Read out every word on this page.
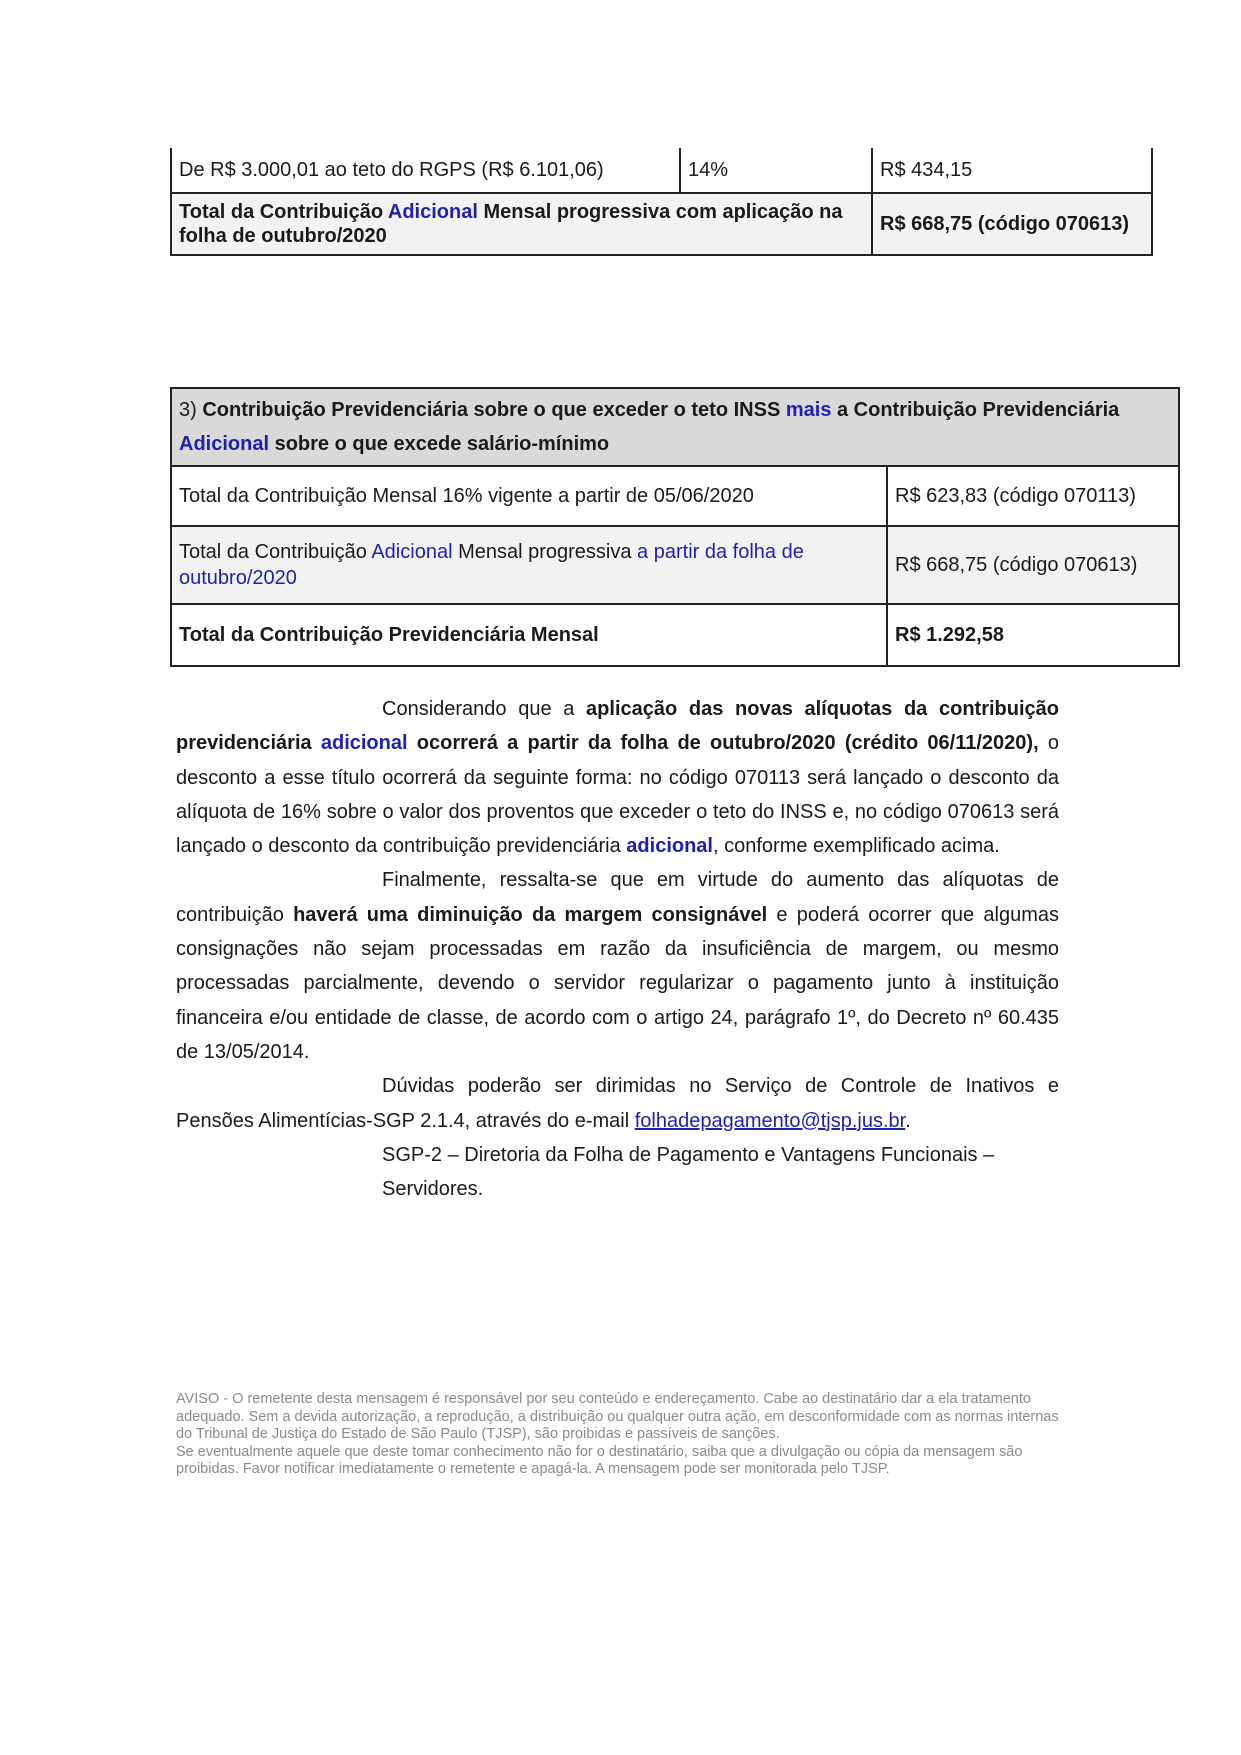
De R$ 3.000,01 ao teto do RGPS (R$ 6.101,06)	14%	R$ 434,15
Total da Contribuição Adicional Mensal progressiva com aplicação na folha de outubro/2020		R$ 668,75 (código 070613)
3) Contribuição Previdenciária sobre o que exceder o teto INSS mais a Contribuição Previdenciária Adicional sobre o que excede salário-mínimo	
Total da Contribuição Mensal 16% vigente a partir de 05/06/2020	R$ 623,83 (código 070113)
Total da Contribuição Adicional Mensal progressiva a partir da folha de outubro/2020	R$ 668,75 (código 070613)
Total da Contribuição Previdenciária Mensal	R$ 1.292,58

Considerando que a aplicação das novas alíquotas da contribuição previdenciária adicional ocorrerá a partir da folha de outubro/2020 (crédito 06/11/2020), o desconto a esse título ocorrerá da seguinte forma: no código 070113 será lançado o desconto da alíquota de 16% sobre o valor dos proventos que exceder o teto do INSS e, no código 070613 será lançado o desconto da contribuição previdenciária adicional, conforme exemplificado acima.

Finalmente, ressalta-se que em virtude do aumento das alíquotas de contribuição haverá uma diminuição da margem consignável e poderá ocorrer que algumas consignações não sejam processadas em razão da insuficiência de margem, ou mesmo processadas parcialmente, devendo o servidor regularizar o pagamento junto à instituição financeira e/ou entidade de classe, de acordo com o artigo 24, parágrafo 1º, do Decreto nº 60.435 de 13/05/2014.

Dúvidas poderão ser dirimidas no Serviço de Controle de Inativos e Pensões Alimentícias-SGP 2.1.4, através do e-mail folhadepagamento@tjsp.jus.br.

SGP-2 – Diretoria da Folha de Pagamento e Vantagens Funcionais – Servidores.

AVISO - O remetente desta mensagem é responsável por seu conteúdo e endereçamento. Cabe ao destinatário dar a ela tratamento adequado. Sem a devida autorização, a reprodução, a distribuição ou qualquer outra ação, em desconformidade com as normas internas do Tribunal de Justiça do Estado de São Paulo (TJSP), são proibidas e passíveis de sanções.

Se eventualmente aquele que deste tomar conhecimento não for o destinatário, saiba que a divulgação ou cópia da mensagem são proibidas. Favor notificar imediatamente o remetente e apagá-la. A mensagem pode ser monitorada pelo TJSP.
